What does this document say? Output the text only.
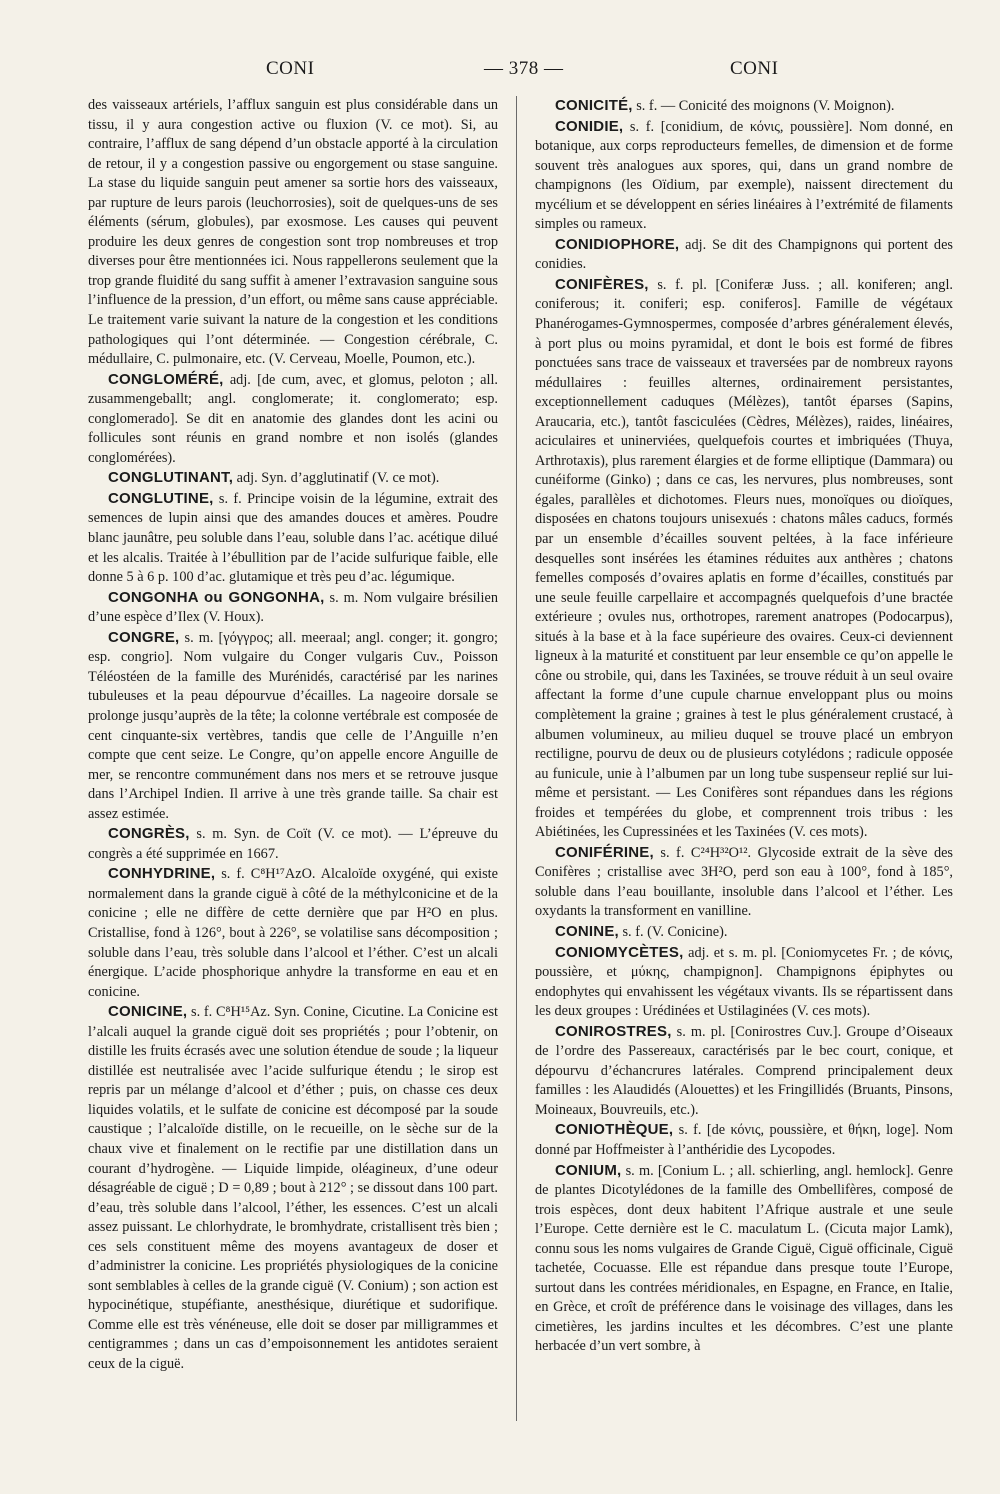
CONI	— 378 —	CONI

des vaisseaux artériels, l’afflux sanguin est plus considérable dans un tissu, il y aura congestion active ou fluxion (V. ce mot). Si, au contraire, l’afflux de sang dépend d’un obstacle apporté à la circulation de retour, il y a congestion passive ou engorgement ou stase sanguine. La stase du liquide sanguin peut amener sa sortie hors des vaisseaux, par rupture de leurs parois (leuchorrosies), soit de quelques-uns de ses éléments (sérum, globules), par exosmose. Les causes qui peuvent produire les deux genres de congestion sont trop nombreuses et trop diverses pour être mentionnées ici. Nous rappellerons seulement que la trop grande fluidité du sang suffit à amener l’extravasion sanguine sous l’influence de la pression, d’un effort, ou même sans cause appréciable. Le traitement varie suivant la nature de la congestion et les conditions pathologiques qui l’ont déterminée. — Congestion cérébrale, C. médullaire, C. pulmonaire, etc. (V. Cerveau, Moelle, Poumon, etc.).

CONGLOMÉRÉ, adj. [de cum, avec, et glomus, peloton ; all. zusammengeballt; angl. conglomerate; it. conglomerato; esp. conglomerado]. Se dit en anatomie des glandes dont les acini ou follicules sont réunis en grand nombre et non isolés (glandes conglomérées).

CONGLUTINANT, adj. Syn. d’agglutinatif (V. ce mot).

CONGLUTINE, s. f. Principe voisin de la légumine, extrait des semences de lupin ainsi que des amandes douces et amères. Poudre blanc jaunâtre, peu soluble dans l’eau, soluble dans l’ac. acétique dilué et les alcalis. Traitée à l’ébullition par de l’acide sulfurique faible, elle donne 5 à 6 p. 100 d’ac. glutamique et très peu d’ac. légumique.

CONGONHA ou GONGONHA, s. m. Nom vulgaire brésilien d’une espèce d’Ilex (V. Houx).

CONGRE, s. m. [γόγγρος; all. meeraal; angl. conger; it. gongro; esp. congrio]. Nom vulgaire du Conger vulgaris Cuv., Poisson Téléostéen de la famille des Murénidés, caractérisé par les narines tubuleuses et la peau dépourvue d’écailles. La nageoire dorsale se prolonge jusqu’auprès de la tête; la colonne vertébrale est composée de cent cinquante-six vertèbres, tandis que celle de l’Anguille n’en compte que cent seize. Le Congre, qu’on appelle encore Anguille de mer, se rencontre communément dans nos mers et se retrouve jusque dans l’Archipel Indien. Il arrive à une très grande taille. Sa chair est assez estimée.

CONGRÈS, s. m. Syn. de Coït (V. ce mot). — L’épreuve du congrès a été supprimée en 1667.

CONHYDRINE, s. f. C⁸H¹⁷AzO. Alcaloïde oxygéné, qui existe normalement dans la grande ciguë à côté de la méthylconicine et de la conicine ; elle ne diffère de cette dernière que par H²O en plus. Cristallise, fond à 126°, bout à 226°, se volatilise sans décomposition ; soluble dans l’eau, très soluble dans l’alcool et l’éther. C’est un alcali énergique. L’acide phosphorique anhydre la transforme en eau et en conicine.

CONICINE, s. f. C⁸H¹⁵Az. Syn. Conine, Cicutine. La Conicine est l’alcali auquel la grande ciguë doit ses propriétés ; pour l’obtenir, on distille les fruits écrasés avec une solution étendue de soude ; la liqueur distillée est neutralisée avec l’acide sulfurique étendu ; le sirop est repris par un mélange d’alcool et d’éther ; puis, on chasse ces deux liquides volatils, et le sulfate de conicine est décomposé par la soude caustique ; l’alcaloïde distille, on le recueille, on le sèche sur de la chaux vive et finalement on le rectifie par une distillation dans un courant d’hydrogène. — Liquide limpide, oléagineux, d’une odeur désagréable de ciguë ; D = 0,89 ; bout à 212° ; se dissout dans 100 part. d’eau, très soluble dans l’alcool, l’éther, les essences. C’est un alcali assez puissant. Le chlorhydrate, le bromhydrate, cristallisent très bien ; ces sels constituent même des moyens avantageux de doser et d’administrer la conicine. Les propriétés physiologiques de la conicine sont semblables à celles de la grande ciguë (V. Conium) ; son action est hypocinétique, stupéfiante, anesthésique, diurétique et sudorifique. Comme elle est très vénéneuse, elle doit se doser par milligrammes et centigrammes ; dans un cas d’empoisonnement les antidotes seraient ceux de la ciguë.

CONICITÉ, s. f. — Conicité des moignons (V. Moignon).

CONIDIE, s. f. [conidium, de κόνις, poussière]. Nom donné, en botanique, aux corps reproducteurs femelles, de dimension et de forme souvent très analogues aux spores, qui, dans un grand nombre de champignons (les Oïdium, par exemple), naissent directement du mycélium et se développent en séries linéaires à l’extrémité de filaments simples ou rameux.

CONIDIOPHORE, adj. Se dit des Champignons qui portent des conidies.

CONIFÈRES, s. f. pl. [Coniferæ Juss. ; all. koniferen; angl. coniferous; it. coniferi; esp. coniferos]. Famille de végétaux Phanérogames-Gymnospermes, composée d’arbres généralement élevés, à port plus ou moins pyramidal, et dont le bois est formé de fibres ponctuées sans trace de vaisseaux et traversées par de nombreux rayons médullaires : feuilles alternes, ordinairement persistantes, exceptionnellement caduques (Mélèzes), tantôt éparses (Sapins, Araucaria, etc.), tantôt fasciculées (Cèdres, Mélèzes), raides, linéaires, aciculaires et uninerviées, quelquefois courtes et imbriquées (Thuya, Arthrotaxis), plus rarement élargies et de forme elliptique (Dammara) ou cunéiforme (Ginko) ; dans ce cas, les nervures, plus nombreuses, sont égales, parallèles et dichotomes. Fleurs nues, monoïques ou dioïques, disposées en chatons toujours unisexués : chatons mâles caducs, formés par un ensemble d’écailles souvent peltées, à la face inférieure desquelles sont insérées les étamines réduites aux anthères ; chatons femelles composés d’ovaires aplatis en forme d’écailles, constitués par une seule feuille carpellaire et accompagnés quelquefois d’une bractée extérieure ; ovules nus, orthotropes, rarement anatropes (Podocarpus), situés à la base et à la face supérieure des ovaires. Ceux-ci deviennent ligneux à la maturité et constituent par leur ensemble ce qu’on appelle le cône ou strobile, qui, dans les Taxinées, se trouve réduit à un seul ovaire affectant la forme d’une cupule charnue enveloppant plus ou moins complètement la graine ; graines à test le plus généralement crustacé, à albumen volumineux, au milieu duquel se trouve placé un embryon rectiligne, pourvu de deux ou de plusieurs cotylédons ; radicule opposée au funicule, unie à l’albumen par un long tube suspenseur replié sur lui-même et persistant. — Les Conifères sont répandues dans les régions froides et tempérées du globe, et comprennent trois tribus : les Abiétinées, les Cupressinées et les Taxinées (V. ces mots).

CONIFÉRINE, s. f. C²⁴H³²O¹². Glycoside extrait de la sève des Conifères ; cristallise avec 3H²O, perd son eau à 100°, fond à 185°, soluble dans l’eau bouillante, insoluble dans l’alcool et l’éther. Les oxydants la transforment en vanilline.

CONINE, s. f. (V. Conicine).

CONIOMYCÈTES, adj. et s. m. pl. [Coniomycetes Fr. ; de κόνις, poussière, et μύκης, champignon]. Champignons épiphytes ou endophytes qui envahissent les végétaux vivants. Ils se répartissent dans les deux groupes : Urédinées et Ustilaginées (V. ces mots).

CONIROSTRES, s. m. pl. [Conirostres Cuv.]. Groupe d’Oiseaux de l’ordre des Passereaux, caractérisés par le bec court, conique, et dépourvu d’échancrures latérales. Comprend principalement deux familles : les Alaudidés (Alouettes) et les Fringillidés (Bruants, Pinsons, Moineaux, Bouvreuils, etc.).

CONIOTHÈQUE, s. f. [de κόνις, poussière, et θήκη, loge]. Nom donné par Hoffmeister à l’anthéridie des Lycopodes.

CONIUM, s. m. [Conium L. ; all. schierling, angl. hemlock]. Genre de plantes Dicotylédones de la famille des Ombellifères, composé de trois espèces, dont deux habitent l’Afrique australe et une seule l’Europe. Cette dernière est le C. maculatum L. (Cicuta major Lamk), connu sous les noms vulgaires de Grande Ciguë, Ciguë officinale, Ciguë tachetée, Cocuasse. Elle est répandue dans presque toute l’Europe, surtout dans les contrées méridionales, en Espagne, en France, en Italie, en Grèce, et croît de préférence dans le voisinage des villages, dans les cimetières, les jardins incultes et les décombres. C’est une plante herbacée d’un vert sombre, à
